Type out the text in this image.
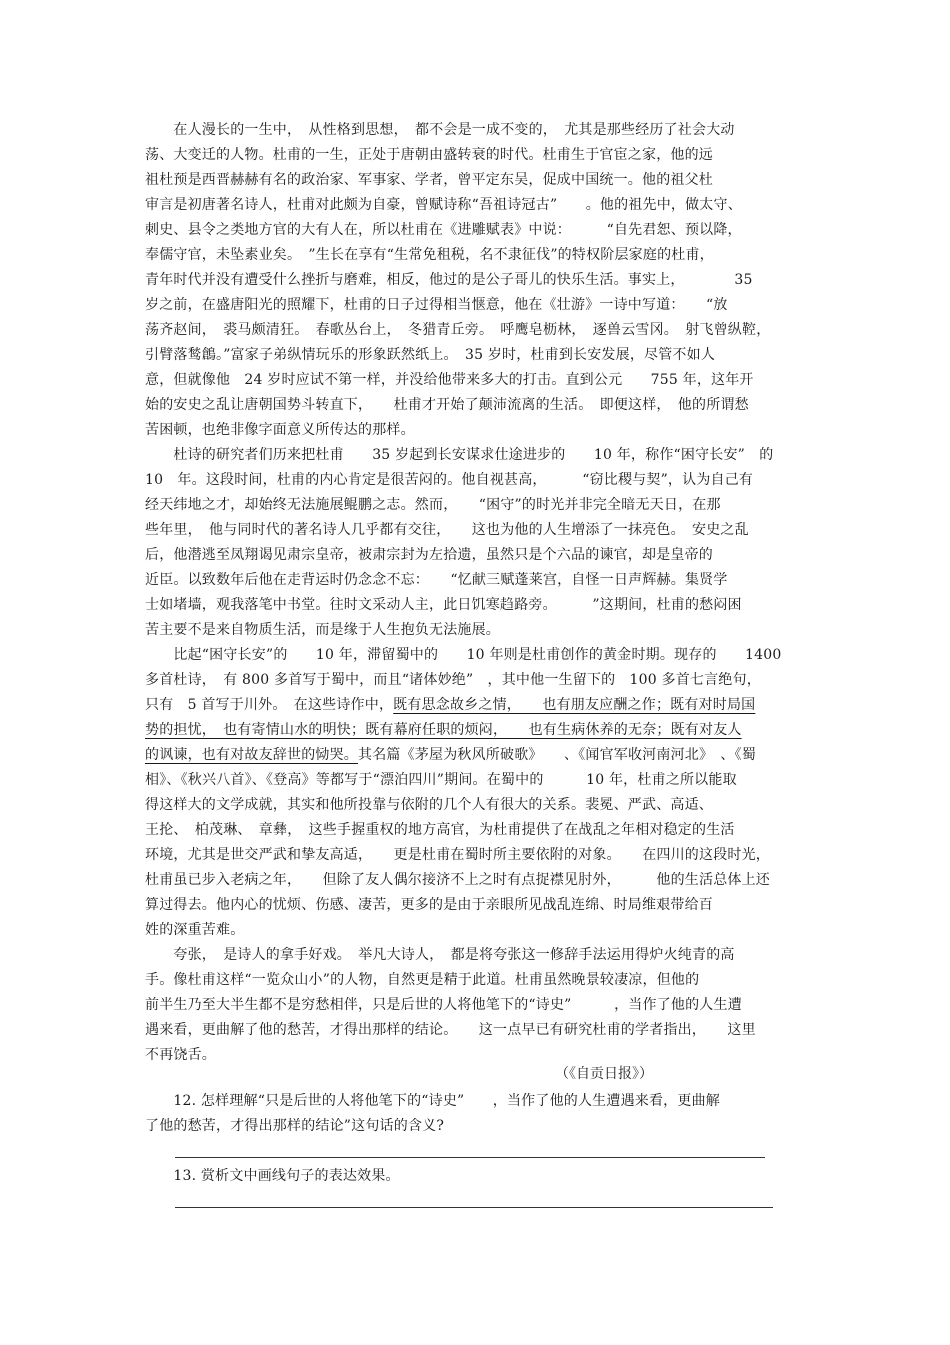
　　在人漫长的一生中，　从性格到思想，　都不会是一成不变的，　尤其是那些经历了社会大动
荡、大变迁的人物。杜甫的一生，正处于唐朝由盛转衰的时代。杜甫生于官宦之家，他的远
祖杜预是西晋赫赫有名的政治家、军事家、学者，曾平定东吴，促成中国统一。他的祖父杜
审言是初唐著名诗人，杜甫对此颇为自豪，曾赋诗称“吾祖诗冠古”　　。他的祖先中，做太守、
刺史、县令之类地方官的大有人在，所以杜甫在《进雕赋表》中说：　　　“自先君恕、预以降，
奉儒守官，未坠素业矣。　”生长在享有“生常免租税，名不隶征伐”的特权阶层家庭的杜甫，
青年时代并没有遭受什么挫折与磨难，相反，他过的是公子哥儿的快乐生活。事实上，　　　　35
岁之前，在盛唐阳光的照耀下，杜甫的日子过得相当惬意，他在《壮游》一诗中写道：　　“放
荡齐赵间，　裘马颇清狂。　春歌丛台上，　冬猎青丘旁。　呼鹰皂枥林，　逐兽云雪冈。　射飞曾纵鞚，
引臂落鹙鶬。”富家子弟纵情玩乐的形象跃然纸上。　35 岁时，杜甫到长安发展，尽管不如人
意，但就像他　24 岁时应试不第一样，并没给他带来多大的打击。直到公元　　755 年，这年开
始的安史之乱让唐朝国势斗转直下，　　杜甫才开始了颠沛流离的生活。　即便这样，　他的所谓愁
苦困顿，也绝非像字面意义所传达的那样。
　　杜诗的研究者们历来把杜甫　　35 岁起到长安谋求仕途进步的　　10 年，称作“困守长安”　的
10　年。这段时间，杜甫的内心肯定是很苦闷的。他自视甚高，　　　“窃比稷与契”，认为自己有
经天纬地之才，却始终无法施展鲲鹏之志。然而，　　“困守”的时光并非完全暗无天日，在那
些年里，　他与同时代的著名诗人几乎都有交往，　　这也为他的人生增添了一抹亮色。　安史之乱
后，他潜逃至凤翔谒见肃宗皇帝，被肃宗封为左拾遗，虽然只是个六品的谏官，却是皇帝的
近臣。以致数年后他在走背运时仍念念不忘：　　“忆献三赋蓬莱宫，自怪一日声辉赫。集贤学
士如堵墙，观我落笔中书堂。往时文采动人主，此日饥寒趋路旁。　　　”这期间，杜甫的愁闷困
苦主要不是来自物质生活，而是缘于人生抱负无法施展。
　　比起“困守长安”的　　10 年，滞留蜀中的　　10 年则是杜甫创作的黄金时期。现存的　　1400
多首杜诗，　有 800 多首写于蜀中，而且“诸体妙绝”　，其中他一生留下的　100 多首七言绝句，
只有　5 首写于川外。　在这些诗作中，既有思念故乡之情，　　也有朋友应酬之作；既有对时局国
势的担忧，　也有寄情山水的明快；既有幕府任职的烦闷，　　也有生病休养的无奈；既有对友人
的讽谏，也有对故友辞世的恸哭。其名篇《茅屋为秋风所破歌》　　、《闻官军收河南河北》　、《蜀
相》、《秋兴八首》、《登高》等都写于“漂泊四川”期间。在蜀中的　　　10 年，杜甫之所以能取
得这样大的文学成就，其实和他所投靠与依附的几个人有很大的关系。裴冕、严武、高适、
王抡、　柏茂琳、　章彝，　这些手握重权的地方高官，为杜甫提供了在战乱之年相对稳定的生活
环境，尤其是世交严武和挚友高适，　　更是杜甫在蜀时所主要依附的对象。　　在四川的这段时光，
杜甫虽已步入老病之年，　　但除了友人偶尔接济不上之时有点捉襟见肘外，　　　他的生活总体上还
算过得去。他内心的忧烦、伤感、凄苦，更多的是由于亲眼所见战乱连绵、时局维艰带给百
姓的深重苦难。
　　夸张，　是诗人的拿手好戏。　举凡大诗人，　都是将夸张这一修辞手法运用得炉火纯青的高
手。像杜甫这样“一览众山小”的人物，自然更是精于此道。杜甫虽然晚景较凄凉，但他的
前半生乃至大半生都不是穷愁相伴，只是后世的人将他笔下的“诗史”　　　，当作了他的人生遭
遇来看，更曲解了他的愁苦，才得出那样的结论。　　这一点早已有研究杜甫的学者指出，　　这里
不再饶舌。
（《自贡日报》）
　　12. 怎样理解“只是后世的人将他笔下的“诗史”　　，当作了他的人生遭遇来看，更曲解
了他的愁苦，才得出那样的结论”这句话的含义?
　　13. 赏析文中画线句子的表达效果。
